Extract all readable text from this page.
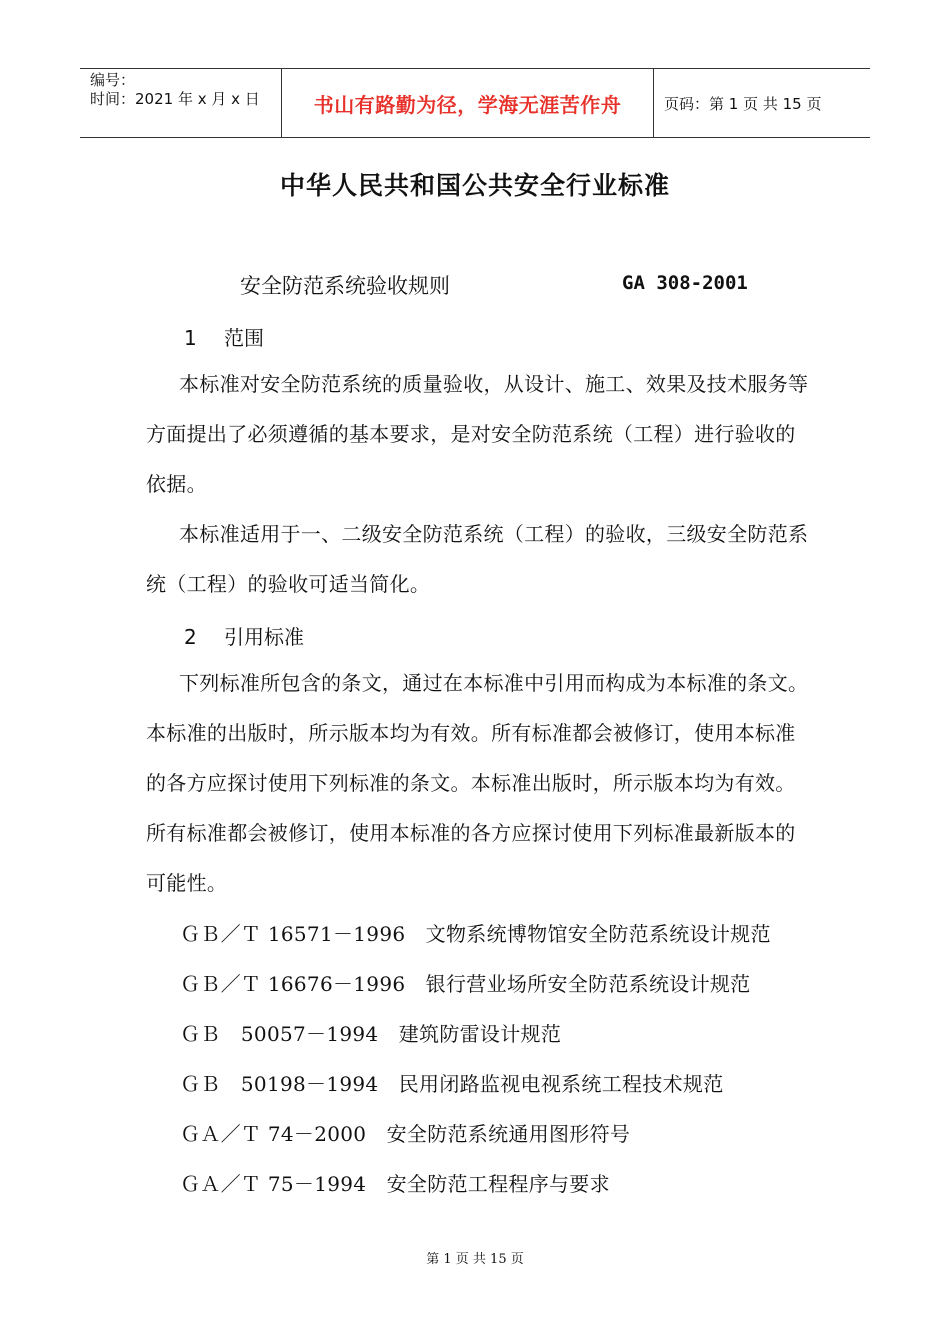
编号：
时间：2021 年 x 月 x 日	书山有路勤为径，学海无涯苦作舟	页码：第 1 页 共 15 页
中华人民共和国公共安全行业标准
安全防范系统验收规则	GA 308-2001
1 范围
本标准对安全防范系统的质量验收，从设计、施工、效果及技术服务等方面提出了必须遵循的基本要求，是对安全防范系统（工程）进行验收的依据。
本标准适用于一、二级安全防范系统（工程）的验收，三级安全防范系统（工程）的验收可适当简化。
2 引用标准
下列标准所包含的条文，通过在本标准中引用而构成为本标准的条文。本标准的出版时，所示版本均为有效。所有标准都会被修订，使用本标准的各方应探讨使用下列标准的条文。本标准出版时，所示版本均为有效。所有标准都会被修订，使用本标准的各方应探讨使用下列标准最新版本的可能性。
ＧＢ／Ｔ 16571－1996　文物系统博物馆安全防范系统设计规范
ＧＢ／Ｔ 16676－1996　银行营业场所安全防范系统设计规范
ＧＢ　50057－1994　建筑防雷设计规范
ＧＢ　50198－1994　民用闭路监视电视系统工程技术规范
ＧＡ／Ｔ 74－2000　安全防范系统通用图形符号
ＧＡ／Ｔ 75－1994　安全防范工程程序与要求
第 1 页 共 15 页
